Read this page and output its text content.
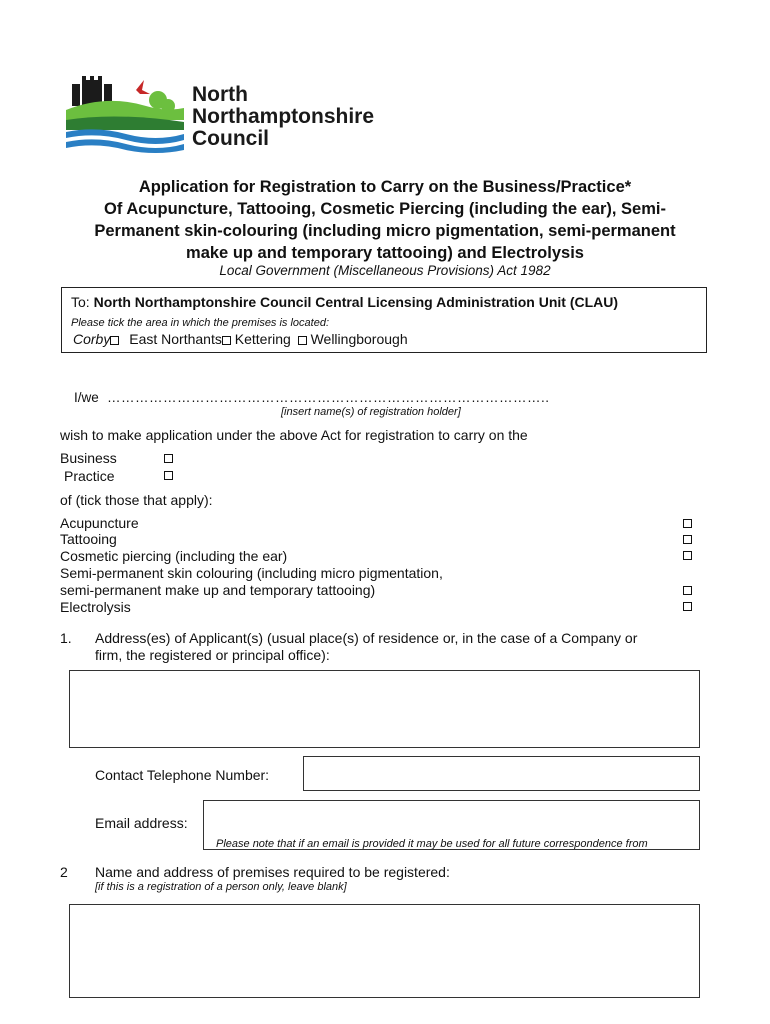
North
Northamptonshire
Council
Application for Registration to Carry on the Business/Practice*
Of Acupuncture, Tattooing, Cosmetic Piercing (including the ear), Semi-
Permanent skin-colouring (including micro pigmentation, semi-permanent
make up and temporary tattooing) and Electrolysis
Local Government (Miscellaneous Provisions) Act 1982
To: North Northamptonshire Council Central Licensing Administration Unit (CLAU)
Please tick the area in which the premises is located:
Corby East Northants Kettering Wellingborough
I/we …………………………………………………………………………………..
[insert name(s) of registration holder]
wish to make application under the above Act for registration to carry on the
Business
Practice
of (tick those that apply):
Acupuncture
Tattooing
Cosmetic piercing (including the ear)
Semi-permanent skin colouring (including micro pigmentation,
semi-permanent make up and temporary tattooing)
Electrolysis
1. Address(es) of Applicant(s) (usual place(s) of residence or, in the case of a Company or
firm, the registered or principal office):
Contact Telephone Number:
Email address:
Please note that if an email is provided it may be used for all future correspondence from
2 Name and address of premises required to be registered:
[if this is a registration of a person only, leave blank]
